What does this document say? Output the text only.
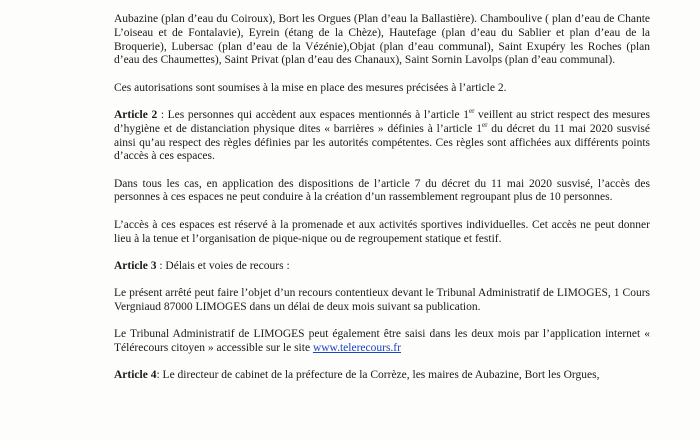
Aubazine (plan d’eau du Coiroux), Bort les Orgues (Plan d’eau la Ballastière). Chamboulive ( plan d’eau de Chante L’oiseau et de Fontalavie), Eyrein (étang de la Chèze), Hautefage (plan d’eau du Sablier et plan d’eau de la Broquerie), Lubersac (plan d’eau de la Vézénie),Objat (plan d’eau communal), Saint Exupéry les Roches (plan d’eau des Chaumettes), Saint Privat (plan d’eau des Chanaux), Saint Sornin Lavolps (plan d’eau communal).

Ces autorisations sont soumises à la mise en place des mesures précisées à l’article 2.

Article 2 : Les personnes qui accèdent aux espaces mentionnés à l’article 1er veillent au strict respect des mesures d’hygiène et de distanciation physique dites « barrières » définies à l’article 1er du décret du 11 mai 2020 susvisé ainsi qu’au respect des règles définies par les autorités compétentes. Ces règles sont affichées aux différents points d’accès à ces espaces.

Dans tous les cas, en application des dispositions de l’article 7 du décret du 11 mai 2020 susvisé, l’accès des personnes à ces espaces ne peut conduire à la création d’un rassemblement regroupant plus de 10 personnes.

L’accès à ces espaces est réservé à la promenade et aux activités sportives individuelles. Cet accès ne peut donner lieu à la tenue et l’organisation de pique-nique ou de regroupement statique et festif.

Article 3 : Délais et voies de recours :

Le présent arrêté peut faire l’objet d’un recours contentieux devant le Tribunal Administratif de LIMOGES, 1 Cours Vergniaud 87000 LIMOGES dans un délai de deux mois suivant sa publication.

Le Tribunal Administratif de LIMOGES peut également être saisi dans les deux mois par l’application internet « Télérecours citoyen » accessible sur le site www.telerecours.fr

Article 4: Le directeur de cabinet de la préfecture de la Corrèze, les maires de Aubazine, Bort les Orgues,
